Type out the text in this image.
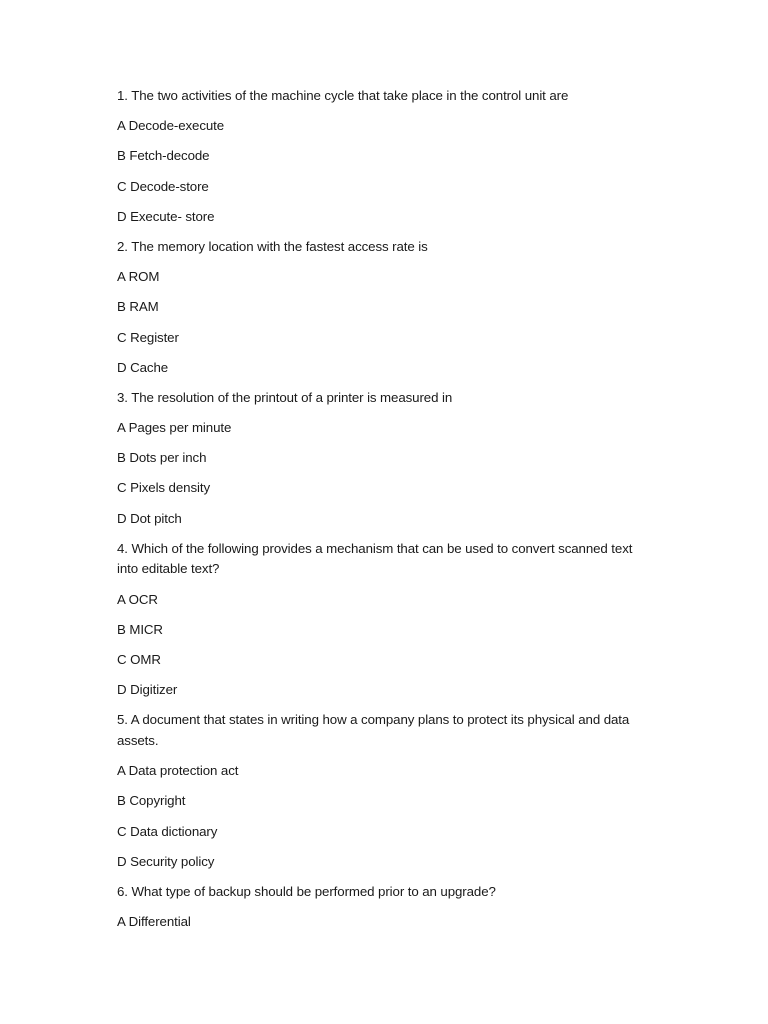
1. The two activities of the machine cycle that take place in the control unit are

A Decode-execute

B Fetch-decode

C Decode-store

D Execute- store

2. The memory location with the fastest access rate is

A ROM

B RAM

C Register

D Cache

3. The resolution of the printout of a printer is measured in

A Pages per minute

B Dots per inch

C Pixels density

D Dot pitch

4. Which of the following provides a mechanism that can be used to convert scanned text into editable text?

A OCR

B MICR

C OMR

D Digitizer

5. A document that states in writing how a company plans to protect its physical and data assets.

A Data protection act

B Copyright

C Data dictionary

D Security policy

6. What type of backup should be performed prior to an upgrade?

A Differential
